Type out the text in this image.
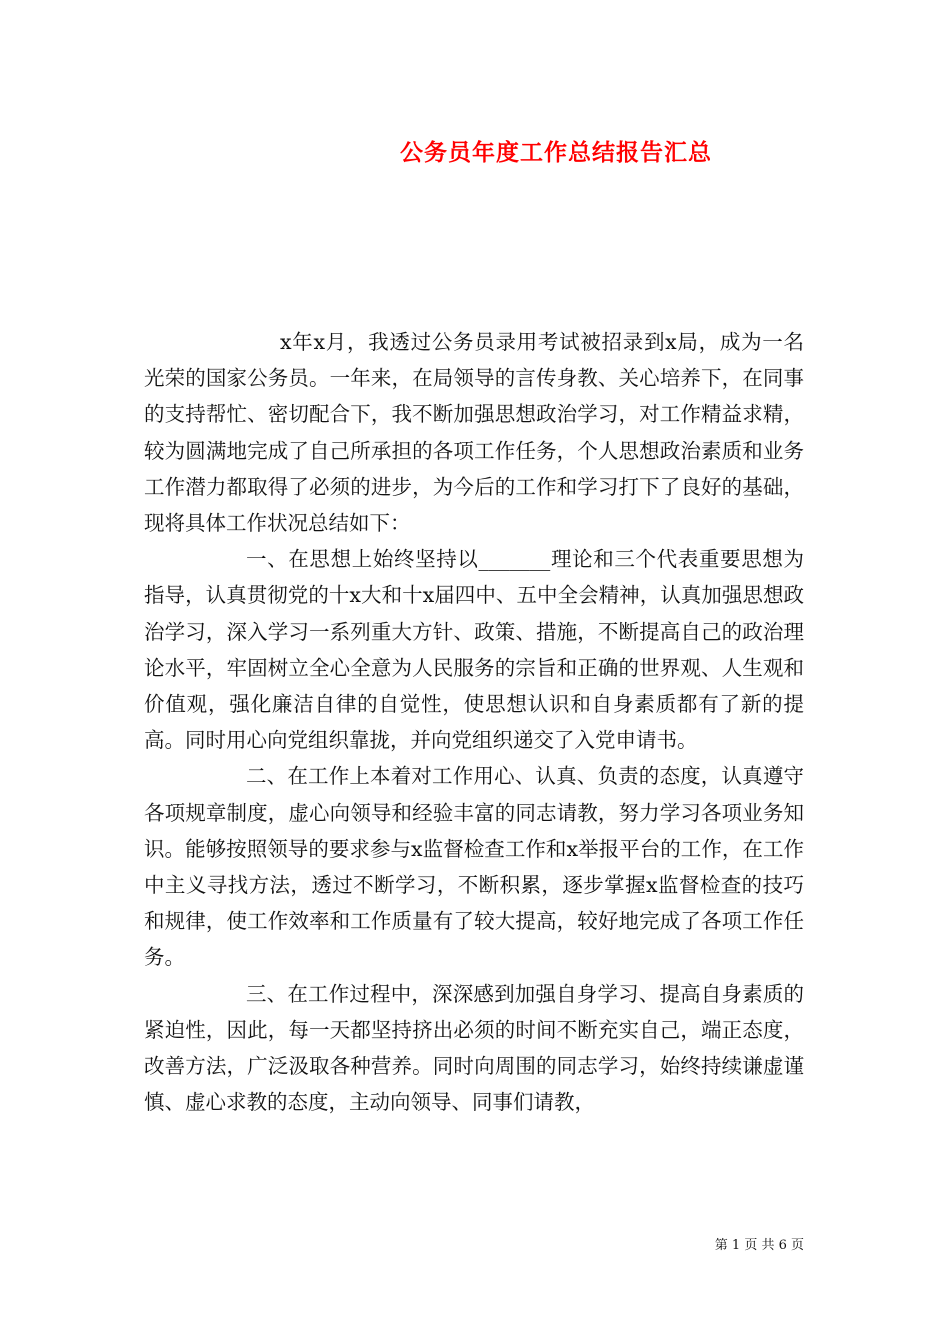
公务员年度工作总结报告汇总

x年x月，我透过公务员录用考试被招录到x局，成为一名光荣的国家公务员。一年来，在局领导的言传身教、关心培养下，在同事的支持帮忙、密切配合下，我不断加强思想政治学习，对工作精益求精，较为圆满地完成了自己所承担的各项工作任务，个人思想政治素质和业务工作潜力都取得了必须的进步，为今后的工作和学习打下了良好的基础，现将具体工作状况总结如下：

一、在思想上始终坚持以_______理论和三个代表重要思想为指导，认真贯彻党的十x大和十x届四中、五中全会精神，认真加强思想政治学习，深入学习一系列重大方针、政策、措施，不断提高自己的政治理论水平，牢固树立全心全意为人民服务的宗旨和正确的世界观、人生观和价值观，强化廉洁自律的自觉性，使思想认识和自身素质都有了新的提高。同时用心向党组织靠拢，并向党组织递交了入党申请书。

二、在工作上本着对工作用心、认真、负责的态度，认真遵守各项规章制度，虚心向领导和经验丰富的同志请教，努力学习各项业务知识。能够按照领导的要求参与x监督检查工作和x举报平台的工作，在工作中主义寻找方法，透过不断学习，不断积累，逐步掌握x监督检查的技巧和规律，使工作效率和工作质量有了较大提高，较好地完成了各项工作任务。

三、在工作过程中，深深感到加强自身学习、提高自身素质的紧迫性，因此，每一天都坚持挤出必须的时间不断充实自己，端正态度，改善方法，广泛汲取各种营养。同时向周围的同志学习，始终持续谦虚谨慎、虚心求教的态度，主动向领导、同事们请教，

第 1 页 共 6 页
